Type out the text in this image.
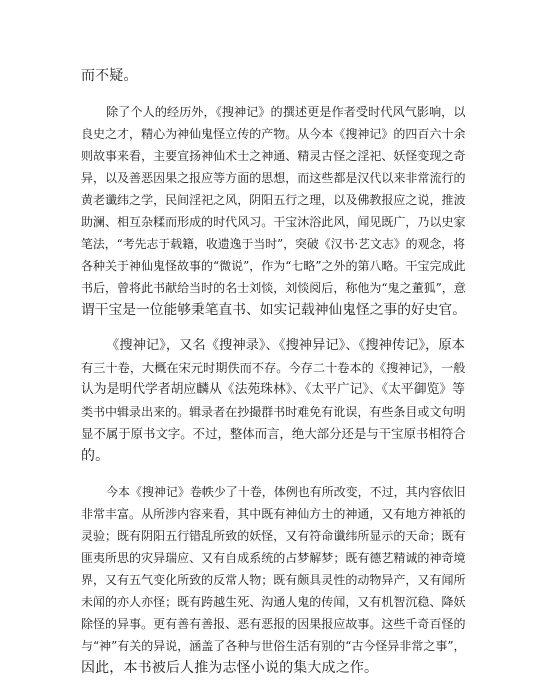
而不疑。
除了个人的经历外，《搜神记》的撰述更是作者受时代风气影响，以
良史之才，精心为神仙鬼怪立传的产物。从今本《搜神记》的四百六十余
则故事来看，主要宣扬神仙术士之神通、精灵古怪之淫祀、妖怪变现之奇
异，以及善恶因果之报应等方面的思想，而这些都是汉代以来非常流行的
黄老谶纬之学，民间淫祀之风，阴阳五行之理，以及佛教报应之说，推波
助澜、相互杂糅而形成的时代风习。干宝沐浴此风，闻见既广，乃以史家
笔法，“考先志于载籍，收遗逸于当时”，突破《汉书·艺文志》的观念，将
各种关于神仙鬼怪故事的“微说”，作为“七略”之外的第八略。干宝完成此
书后，曾将此书献给当时的名士刘惔，刘惔阅后，称他为“鬼之董狐”，意
谓干宝是一位能够秉笔直书、如实记载神仙鬼怪之事的好史官。
《搜神记》，又名《搜神录》、《搜神异记》、《搜神传记》，原本
有三十卷，大概在宋元时期佚而不存。今存二十卷本的《搜神记》，一般
认为是明代学者胡应麟从《法苑珠林》、《太平广记》、《太平御览》等
类书中辑录出来的。辑录者在抄撮群书时难免有讹误，有些条目或文句明
显不属于原书文字。不过，整体而言，绝大部分还是与干宝原书相符合
的。
今本《搜神记》卷帙少了十卷，体例也有所改变，不过，其内容依旧
非常丰富。从所涉内容来看，其中既有神仙方士的神通，又有地方神祇的
灵验；既有阴阳五行错乱所致的妖怪，又有符命谶纬所显示的天命；既有
匪夷所思的灾异瑞应、又有自成系统的占梦解梦；既有德艺精诚的神奇境
界，又有五气变化所致的反常人物；既有颇具灵性的动物异产，又有闻所
未闻的亦人亦怪；既有跨越生死、沟通人鬼的传闻，又有机智沉稳、降妖
除怪的异事。更有善有善报、恶有恶报的因果报应故事。这些千奇百怪的
与“神”有关的异说，涵盖了各种与世俗生活有别的“古今怪异非常之事”，
因此，本书被后人推为志怪小说的集大成之作。
